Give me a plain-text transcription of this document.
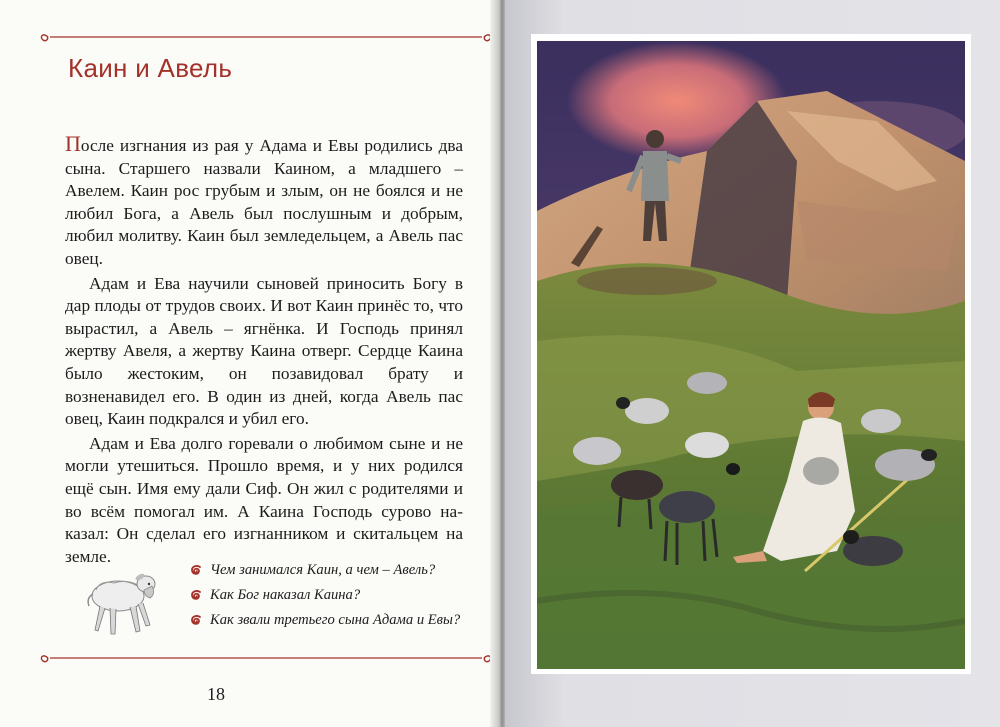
Каин и Авель

После изгнания из рая у Адама и Евы родились два сына. Старшего назвали Каином, а младшего – Авелем. Каин рос грубым и злым, он не боялся и не любил Бога, а Авель был послушным и добрым, любил молитву. Каин был земледельцем, а Авель пас овец.

Адам и Ева научили сыновей приносить Богу в дар плоды от трудов своих. И вот Каин принёс то, что вырастил, а Авель – ягнёнка. И Господь принял жертву Авеля, а жертву Каина отверг. Сердце Каина было жестоким, он позавидовал брату и возненавидел его. В один из дней, когда Авель пас овец, Каин подкрался и убил его.

Адам и Ева долго горевали о любимом сыне и не могли утешиться. Прошло время, и у них родился ещё сын. Имя ему дали Сиф. Он жил с родителями и во всём помогал им. А Каина Господь сурово наказал: Он сделал его изгнанником и скитальцем на земле.

Чем занимался Каин, а чем – Авель?
Как Бог наказал Каина?
Как звали третьего сына Адама и Евы?
18
